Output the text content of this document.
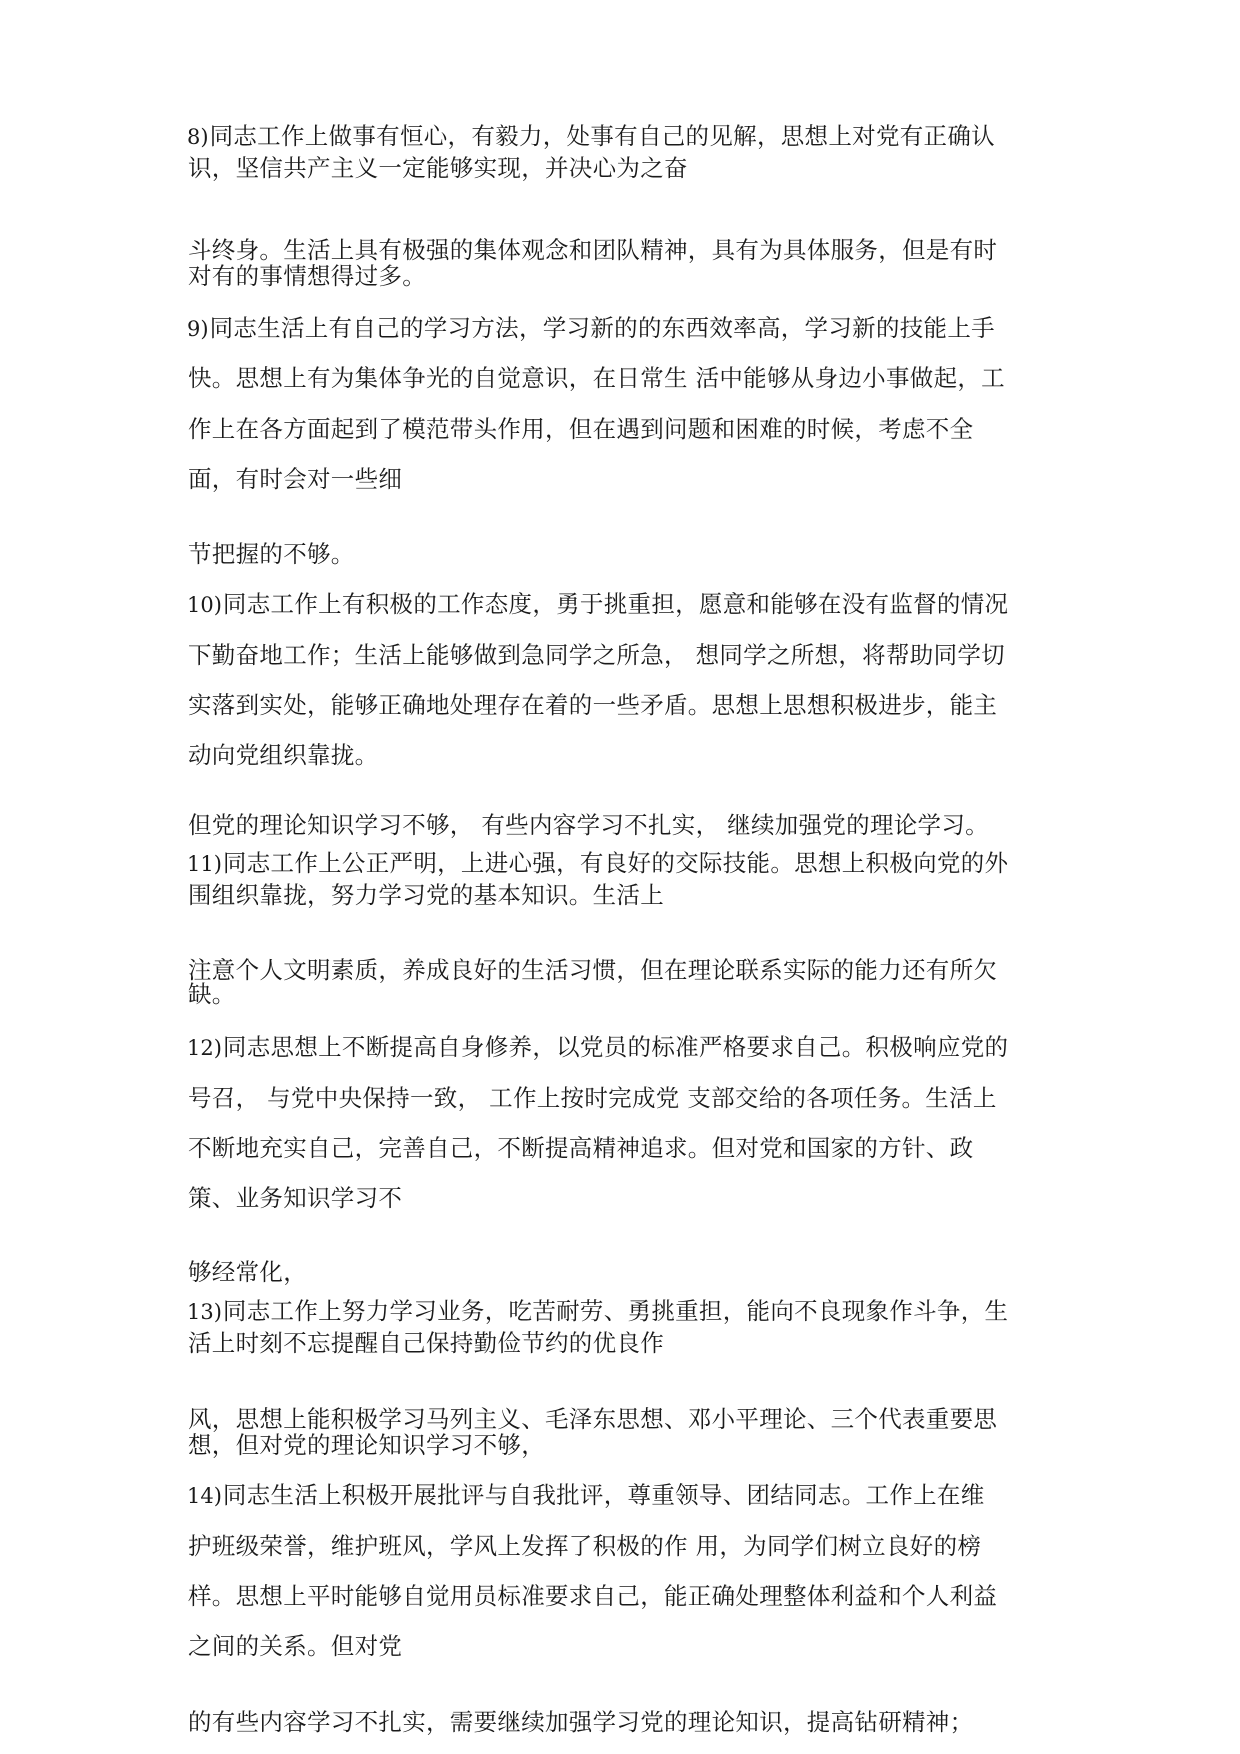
8)同志工作上做事有恒心，有毅力，处事有自己的见解，思想上对党有正确认
识，坚信共产主义一定能够实现，并决心为之奋
斗终身。生活上具有极强的集体观念和团队精神，具有为具体服务，但是有时
对有的事情想得过多。
9)同志生活上有自己的学习方法，学习新的的东西效率高，学习新的技能上手
快。思想上有为集体争光的自觉意识，在日常生 活中能够从身边小事做起，工
作上在各方面起到了模范带头作用，但在遇到问题和困难的时候，考虑不全
面，有时会对一些细
节把握的不够。
10)同志工作上有积极的工作态度，勇于挑重担，愿意和能够在没有监督的情况
下勤奋地工作；生活上能够做到急同学之所急， 想同学之所想，将帮助同学切
实落到实处，能够正确地处理存在着的一些矛盾。思想上思想积极进步，能主
动向党组织靠拢。
但党的理论知识学习不够， 有些内容学习不扎实， 继续加强党的理论学习。
11)同志工作上公正严明，上进心强，有良好的交际技能。思想上积极向党的外
围组织靠拢，努力学习党的基本知识。生活上
注意个人文明素质，养成良好的生活习惯，但在理论联系实际的能力还有所欠
缺。
12)同志思想上不断提高自身修养，以党员的标准严格要求自己。积极响应党的
号召， 与党中央保持一致， 工作上按时完成党 支部交给的各项任务。生活上
不断地充实自己，完善自己，不断提高精神追求。但对党和国家的方针、政
策、业务知识学习不
够经常化，
13)同志工作上努力学习业务，吃苦耐劳、勇挑重担，能向不良现象作斗争，生
活上时刻不忘提醒自己保持勤俭节约的优良作
风，思想上能积极学习马列主义、毛泽东思想、邓小平理论、三个代表重要思
想，但对党的理论知识学习不够，
14)同志生活上积极开展批评与自我批评，尊重领导、团结同志。工作上在维
护班级荣誉，维护班风，学风上发挥了积极的作 用，为同学们树立良好的榜
样。思想上平时能够自觉用员标准要求自己，能正确处理整体利益和个人利益
之间的关系。但对党
的有些内容学习不扎实，需要继续加强学习党的理论知识，提高钻研精神；
